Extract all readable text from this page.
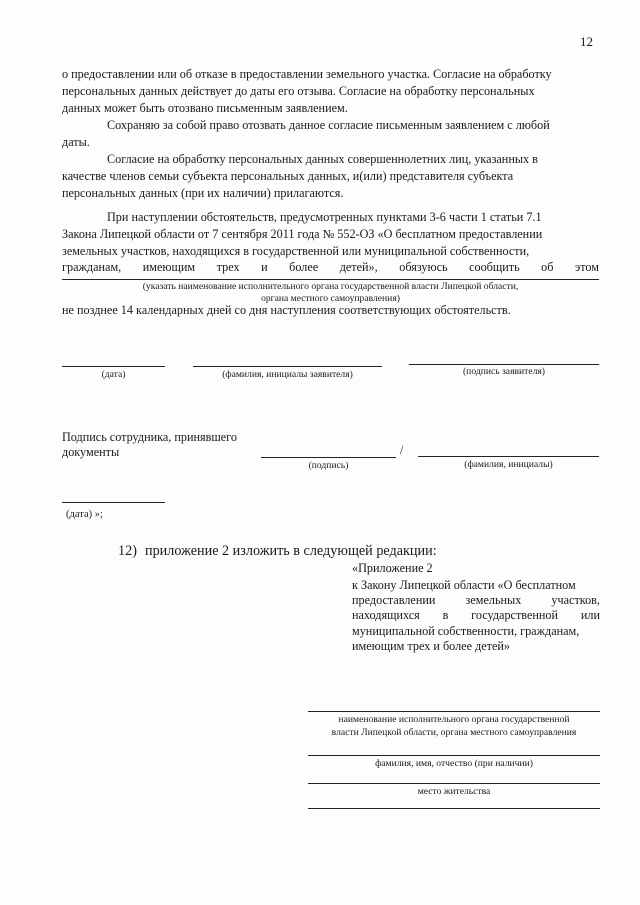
12
о предоставлении или об отказе в предоставлении земельного участка. Согласие на обработку
персональных данных действует до даты его отзыва. Согласие на обработку персональных
данных может быть отозвано письменным заявлением.
Сохраняю за собой право отозвать данное согласие письменным заявлением с любой
даты.
Согласие на обработку персональных данных совершеннолетних лиц, указанных в
качестве членов семьи субъекта персональных данных, и(или) представителя субъекта
персональных данных (при их наличии) прилагаются.
При наступлении обстоятельств, предусмотренных пунктами 3-6 части 1 статьи 7.1
Закона Липецкой области от 7 сентября 2011 года № 552-ОЗ «О бесплатном предоставлении
земельных участков, находящихся в государственной или муниципальной собственности,
гражданам, имеющим трех и более детей», обязуюсь сообщить об этом
(указать наименование исполнительного органа государственной власти Липецкой области,
органа местного самоуправления)
не позднее 14 календарных дней со дня наступления соответствующих обстоятельств.
(дата)	(фамилия, инициалы заявителя)	(подпись заявителя)
Подпись сотрудника, принявшего
документы	/
(подпись)	(фамилия, инициалы)
(дата) »;
12) приложение 2 изложить в следующей редакции:
«Приложение 2
к Закону Липецкой области «О бесплатном
предоставлении земельных участков,
находящихся в государственной или
муниципальной собственности, гражданам,
имеющим трех и более детей»
наименование исполнительного органа государственной
власти Липецкой области, органа местного самоуправления
фамилия, имя, отчество (при наличии)
место жительства
